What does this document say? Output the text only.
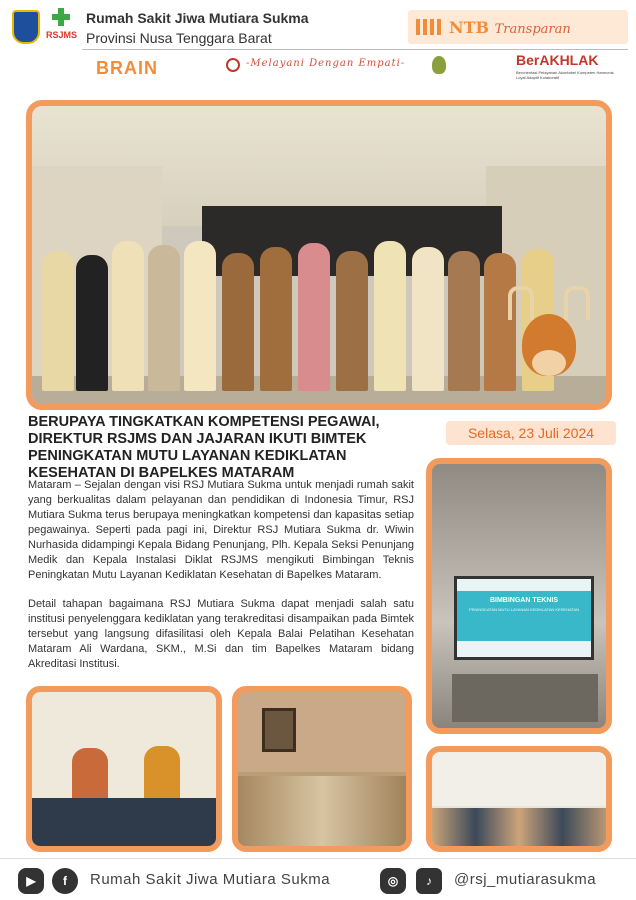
RSJMS
Rumah Sakit Jiwa Mutiara Sukma
Provinsi Nusa Tenggara Barat
NTB Transparan
BRAIN	-Melayani Dengan Empati-	BerAKHLAK
Berorientasi Pelayanan Akuntabel Kompeten Harmonis Loyal Adaptif Kolaboratif
BERUPAYA TINGKATKAN KOMPETENSI PEGAWAI, DIREKTUR RSJMS DAN JAJARAN IKUTI BIMTEK PENINGKATAN MUTU LAYANAN KEDIKLATAN KESEHATAN DI BAPELKES MATARAM
Selasa, 23 Juli 2024

Mataram – Sejalan dengan visi RSJ Mutiara Sukma untuk menjadi rumah sakit yang berkualitas dalam pelayanan dan pendidikan di Indonesia Timur, RSJ Mutiara Sukma terus berupaya meningkatkan kompetensi dan kapasitas setiap pegawainya. Seperti pada pagi ini, Direktur RSJ Mutiara Sukma dr. Wiwin Nurhasida didampingi Kepala Bidang Penunjang, Plh. Kepala Seksi Penunjang Medik dan Kepala Instalasi Diklat RSJMS mengikuti Bimbingan Teknis Peningkatan Mutu Layanan Kediklatan Kesehatan di Bapelkes Mataram.

Detail tahapan bagaimana RSJ Mutiara Sukma dapat menjadi salah satu institusi penyelenggara kediklatan yang terakreditasi disampaikan pada Bimtek tersebut yang langsung difasilitasi oleh Kepala Balai Pelatihan Kesehatan Mataram Ali Wardana, SKM., M.Si dan tim Bapelkes Mataram bidang Akreditasi Institusi.

BIMBINGAN TEKNIS
PENINGKATAN MUTU LAYANAN KEDIKLATAN KESEHATAN
▶	f	Rumah Sakit Jiwa Mutiara Sukma	◎	♪	@rsj_mutiarasukma
